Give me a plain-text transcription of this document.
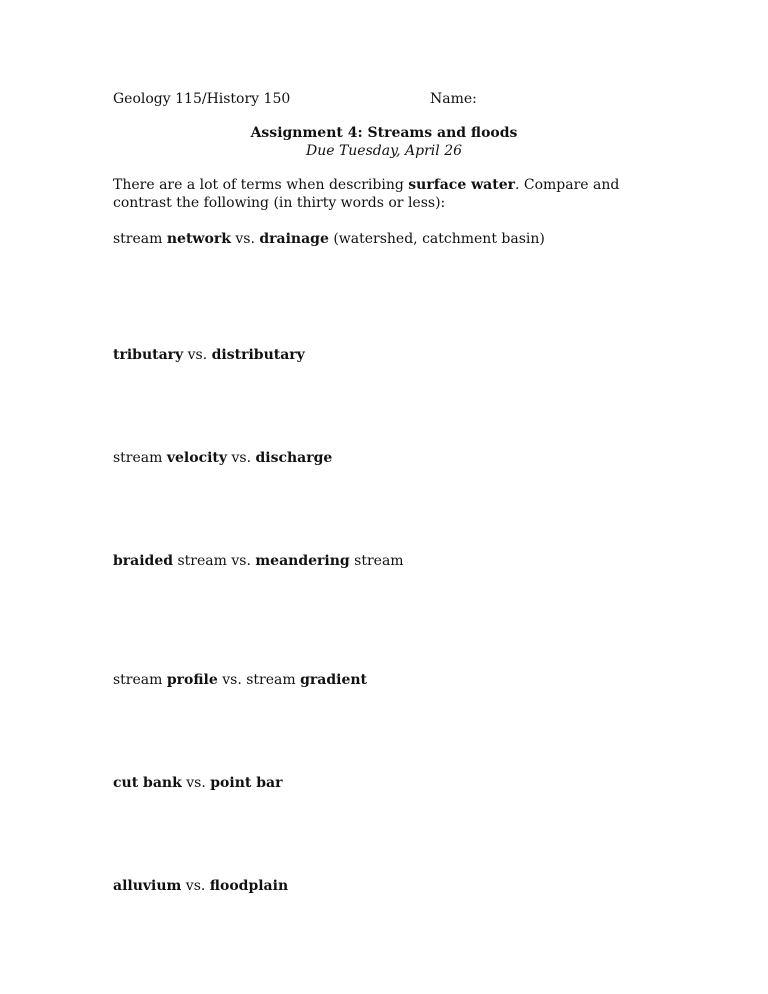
Geology 115/History 150	Name:
Assignment 4: Streams and floods
Due Tuesday, April 26
There are a lot of terms when describing surface water. Compare and contrast the following (in thirty words or less):
stream network vs. drainage (watershed, catchment basin)
tributary vs. distributary
stream velocity vs. discharge
braided stream vs. meandering stream
stream profile vs. stream gradient
cut bank vs. point bar
alluvium vs. floodplain
